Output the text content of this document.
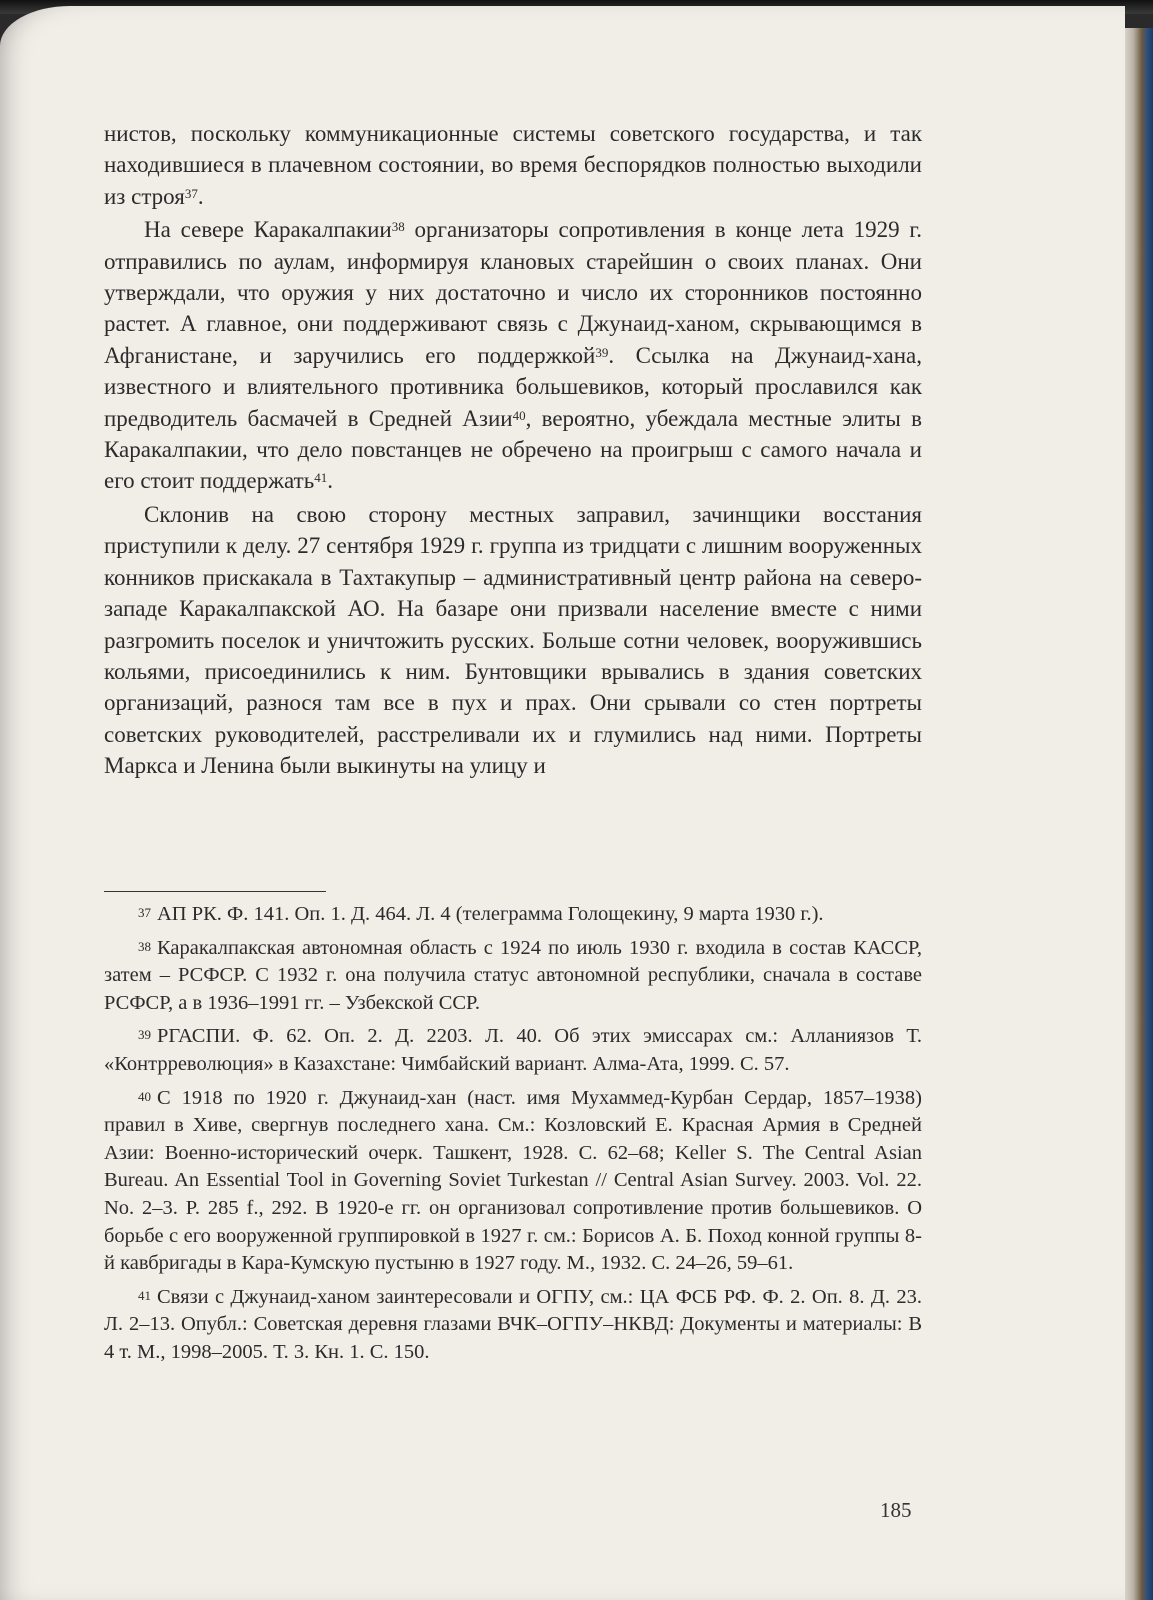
нистов, поскольку коммуникационные системы советского государства, и так находившиеся в плачевном состоянии, во время беспорядков полностью выходили из строя$^{37}$.

На севере Каракалпакии$^{38}$ организаторы сопротивления в конце лета 1929 г. отправились по аулам, информируя клановых старейшин о своих планах. Они утверждали, что оружия у них достаточно и число их сторонников постоянно растет. А главное, они поддерживают связь с Джунаид-ханом, скрывающимся в Афганистане, и заручились его поддержкой$^{39}$. Ссылка на Джунаид-хана, известного и влиятельного противника большевиков, который прославился как предводитель басмачей в Средней Азии$^{40}$, вероятно, убеждала местные элиты в Каракалпакии, что дело повстанцев не обречено на проигрыш с самого начала и его стоит поддержать$^{41}$.

Склонив на свою сторону местных заправил, зачинщики восстания приступили к делу. 27 сентября 1929 г. группа из тридцати с лишним вооруженных конников прискакала в Тахтакупыр – административный центр района на северо-западе Каракалпакской АО. На базаре они призвали население вместе с ними разгромить поселок и уничтожить русских. Больше сотни человек, вооружившись кольями, присоединились к ним. Бунтовщики врывались в здания советских организаций, разнося там все в пух и прах. Они срывали со стен портреты советских руководителей, расстреливали их и глумились над ними. Портреты Маркса и Ленина были выкинуты на улицу и

$^{37}$ АП РК. Ф. 141. Оп. 1. Д. 464. Л. 4 (телеграмма Голощекину, 9 марта 1930 г.).

$^{38}$ Каракалпакская автономная область с 1924 по июль 1930 г. входила в состав КАССР, затем – РСФСР. С 1932 г. она получила статус автономной республики, сначала в составе РСФСР, а в 1936–1991 гг. – Узбекской ССР.

$^{39}$ РГАСПИ. Ф. 62. Оп. 2. Д. 2203. Л. 40. Об этих эмиссарах см.: Алланиязов Т. «Контрреволюция» в Казахстане: Чимбайский вариант. Алма-Ата, 1999. С. 57.

$^{40}$ С 1918 по 1920 г. Джунаид-хан (наст. имя Мухаммед-Курбан Сердар, 1857–1938) правил в Хиве, свергнув последнего хана. См.: Козловский Е. Красная Армия в Средней Азии: Военно-исторический очерк. Ташкент, 1928. С. 62–68; Keller S. The Central Asian Bureau. An Essential Tool in Governing Soviet Turkestan // Central Asian Survey. 2003. Vol. 22. No. 2–3. P. 285 f., 292. В 1920-е гг. он организовал сопротивление против большевиков. О борьбе с его вооруженной группировкой в 1927 г. см.: Борисов А. Б. Поход конной группы 8-й кавбригады в Кара-Кумскую пустыню в 1927 году. М., 1932. С. 24–26, 59–61.

$^{41}$ Связи с Джунаид-ханом заинтересовали и ОГПУ, см.: ЦА ФСБ РФ. Ф. 2. Оп. 8. Д. 23. Л. 2–13. Опубл.: Советская деревня глазами ВЧК–ОГПУ–НКВД: Документы и материалы: В 4 т. М., 1998–2005. Т. 3. Кн. 1. С. 150.

185
